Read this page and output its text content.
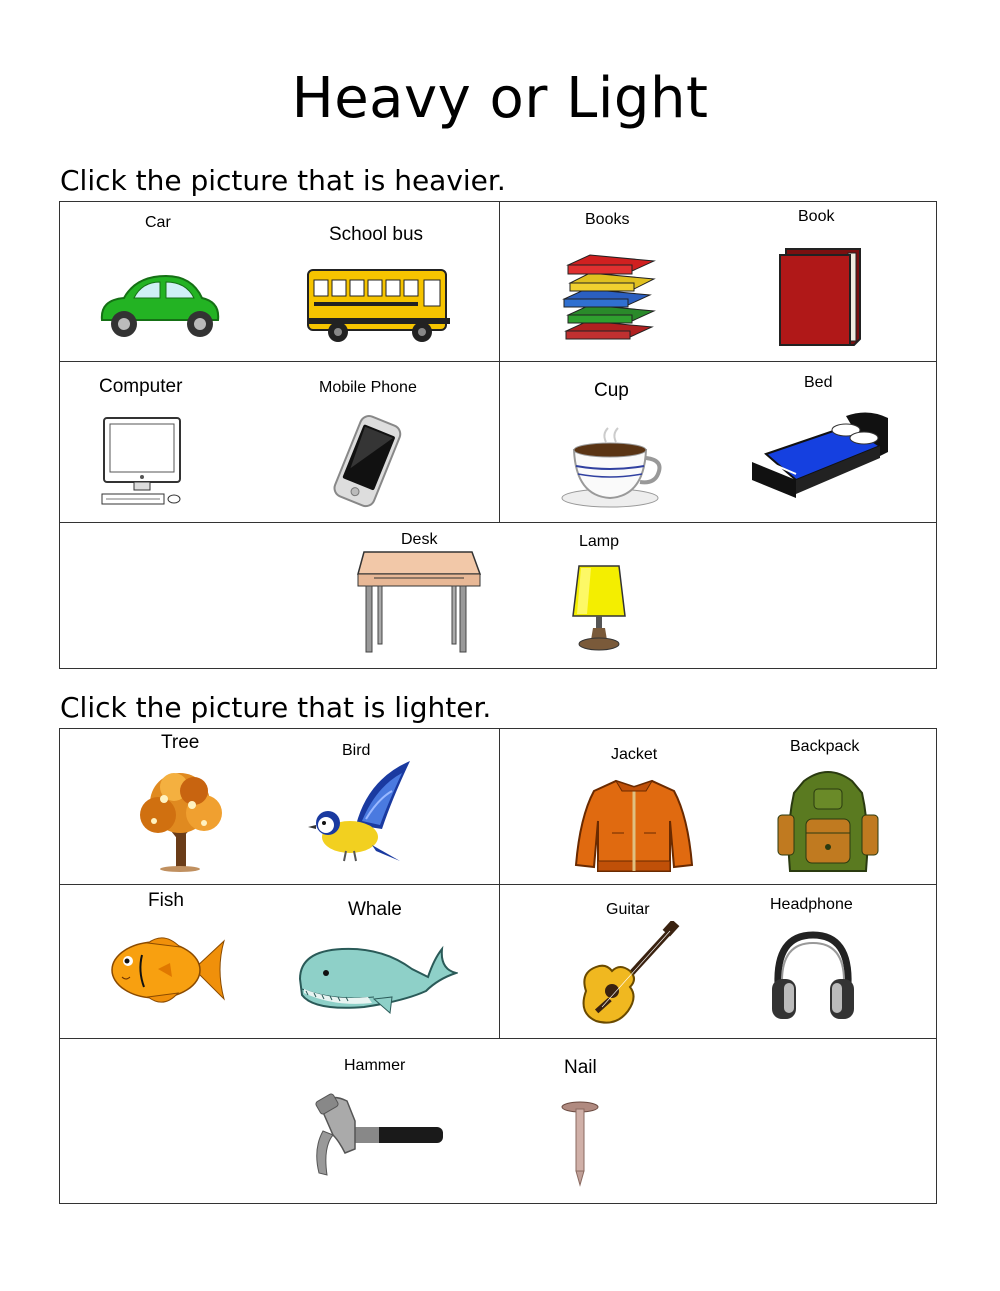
Heavy or Light
Click the picture that is heavier.
Car
School bus
Books	Book
Computer	Mobile Phone	Cup	Bed
Desk	Lamp
Click the picture that is lighter.
Tree	Bird	Jacket	Backpack
Fish	Whale	Guitar	Headphone
Hammer	Nail
